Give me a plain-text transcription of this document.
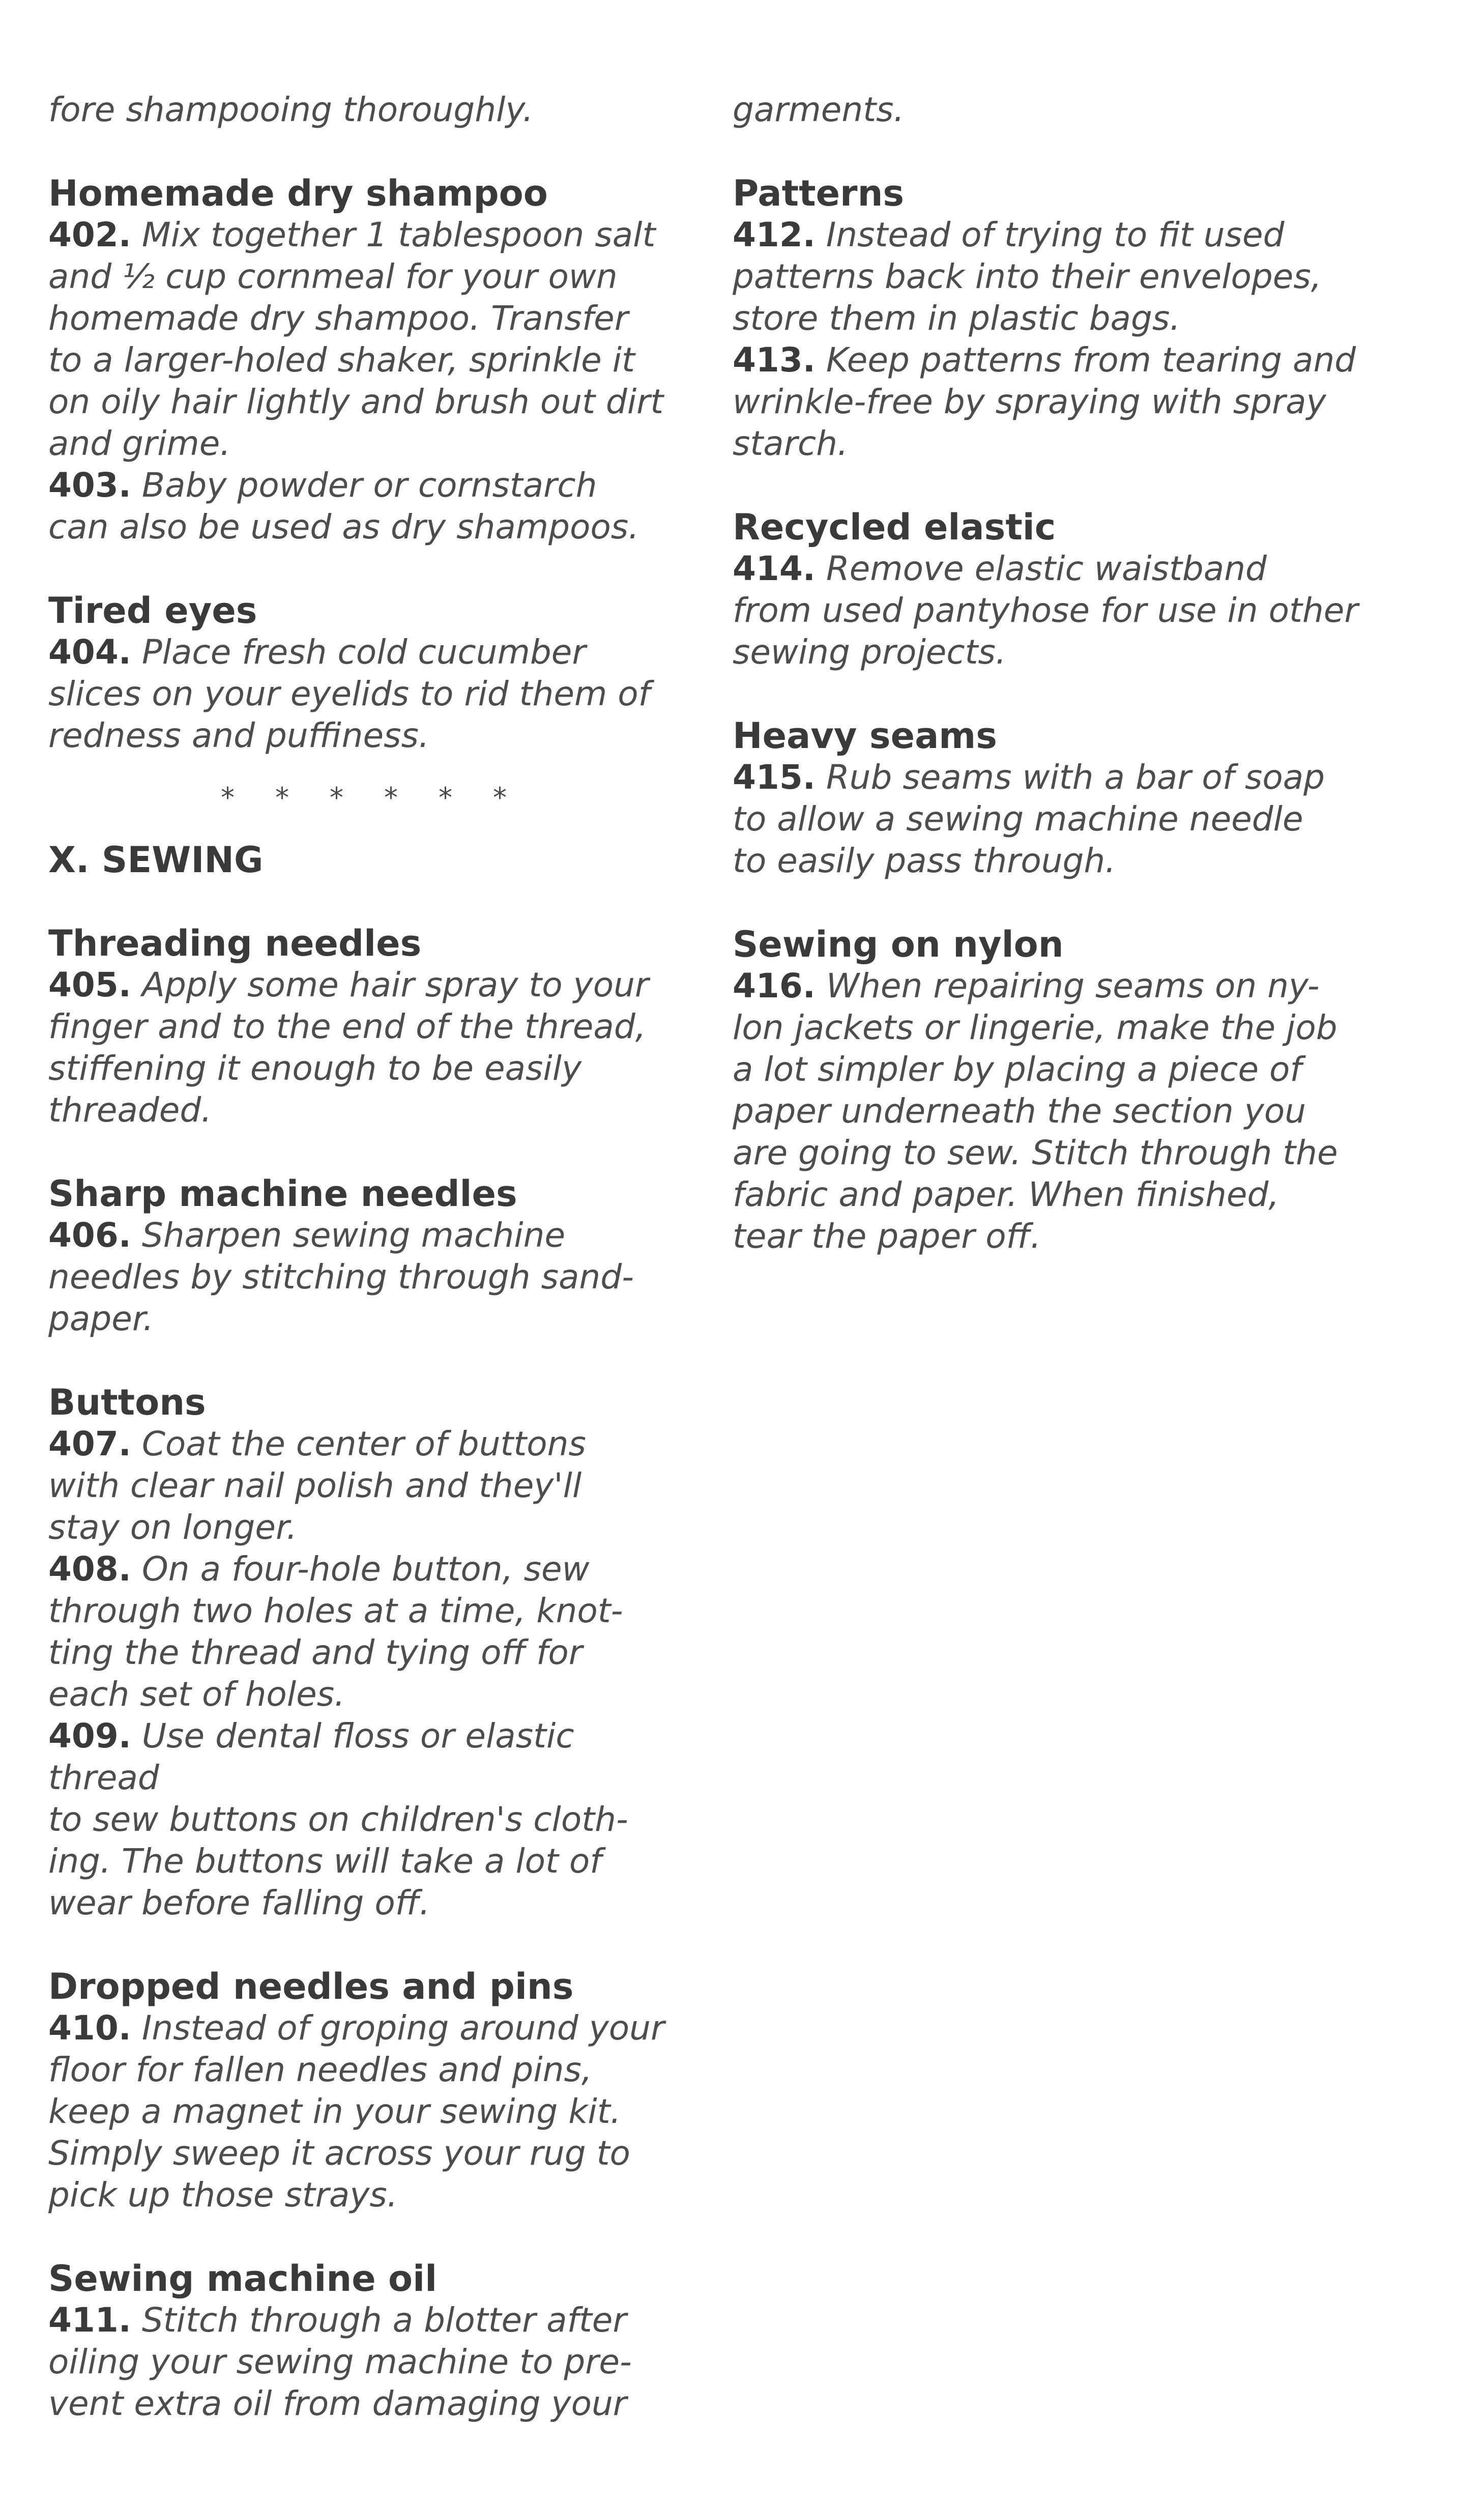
fore shampooing thoroughly.

Homemade dry shampoo

402. Mix together 1 tablespoon salt

and ½ cup cornmeal for your own

homemade dry shampoo. Transfer

to a larger-holed shaker, sprinkle it

on oily hair lightly and brush out dirt

and grime.

403. Baby powder or cornstarch

can also be used as dry shampoos.

Tired eyes

404. Place fresh cold cucumber

slices on your eyelids to rid them of

redness and puffiness.

* * * * * *

X. SEWING

Threading needles

405. Apply some hair spray to your

finger and to the end of the thread,

stiffening it enough to be easily

threaded.

Sharp machine needles

406. Sharpen sewing machine

needles by stitching through sand-

paper.

Buttons

407. Coat the center of buttons

with clear nail polish and they'll

stay on longer.

408. On a four-hole button, sew

through two holes at a time, knot-

ting the thread and tying off for

each set of holes.

409. Use dental floss or elastic thread

to sew buttons on children's cloth-

ing. The buttons will take a lot of

wear before falling off.

Dropped needles and pins

410. Instead of groping around your

floor for fallen needles and pins,

keep a magnet in your sewing kit.

Simply sweep it across your rug to

pick up those strays.

Sewing machine oil

411. Stitch through a blotter after

oiling your sewing machine to pre-

vent extra oil from damaging your

garments.

Patterns

412. Instead of trying to fit used

patterns back into their envelopes,

store them in plastic bags.

413. Keep patterns from tearing and

wrinkle-free by spraying with spray

starch.

Recycled elastic

414. Remove elastic waistband

from used pantyhose for use in other

sewing projects.

Heavy seams

415. Rub seams with a bar of soap

to allow a sewing machine needle

to easily pass through.

Sewing on nylon

416. When repairing seams on ny-

lon jackets or lingerie, make the job

a lot simpler by placing a piece of

paper underneath the section you

are going to sew. Stitch through the

fabric and paper. When finished,

tear the paper off.
